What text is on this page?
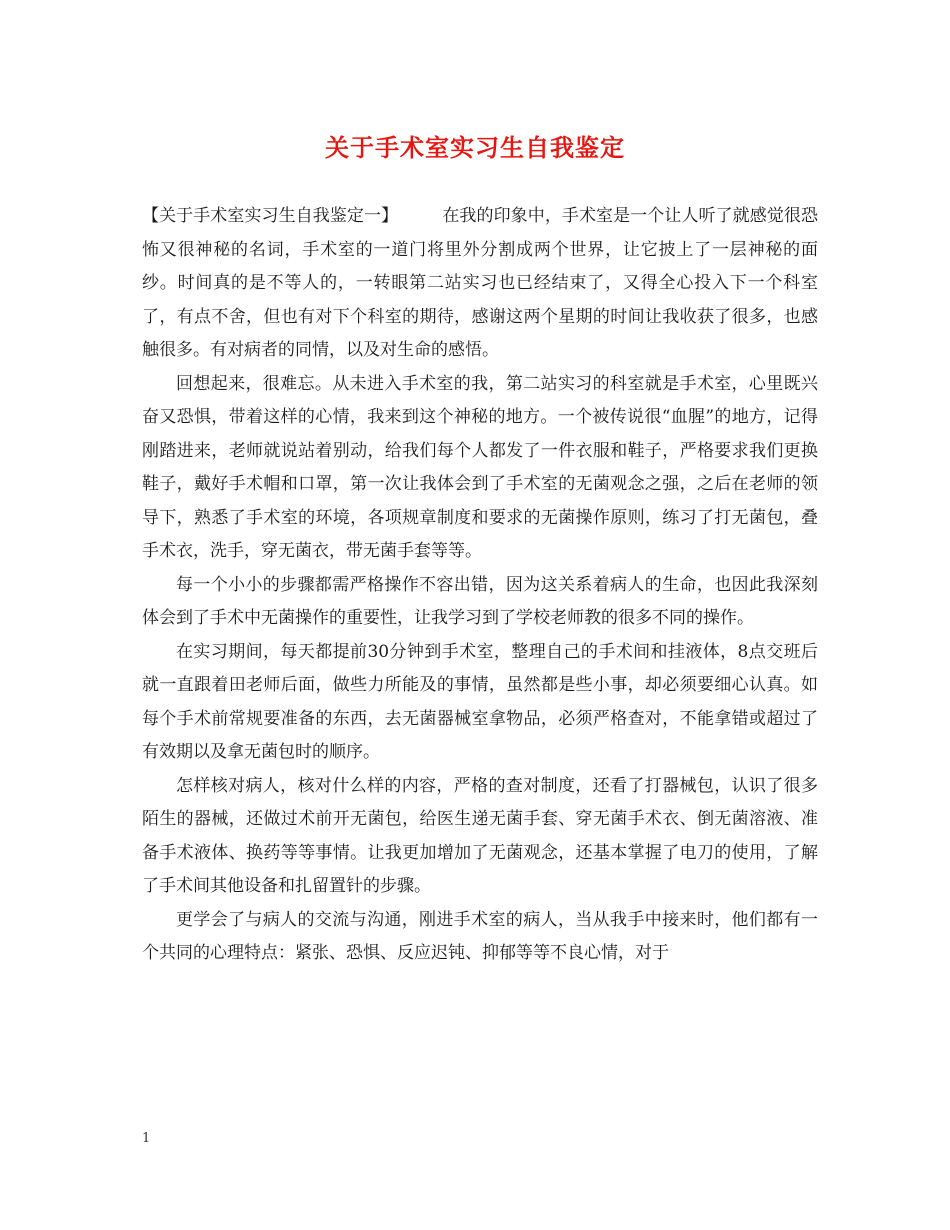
关于手术室实习生自我鉴定

【关于手术室实习生自我鉴定一】	在我的印象中，手术室是一个让人听了就感觉很恐怖又很神秘的名词，手术室的一道门将里外分割成两个世界，让它披上了一层神秘的面纱。时间真的是不等人的，一转眼第二站实习也已经结束了，又得全心投入下一个科室了，有点不舍，但也有对下个科室的期待，感谢这两个星期的时间让我收获了很多，也感触很多。有对病者的同情，以及对生命的感悟。

回想起来，很难忘。从未进入手术室的我，第二站实习的科室就是手术室，心里既兴奋又恐惧，带着这样的心情，我来到这个神秘的地方。一个被传说很“血腥”的地方，记得刚踏进来，老师就说站着别动，给我们每个人都发了一件衣服和鞋子，严格要求我们更换鞋子，戴好手术帽和口罩，第一次让我体会到了手术室的无菌观念之强，之后在老师的领导下，熟悉了手术室的环境，各项规章制度和要求的无菌操作原则，练习了打无菌包，叠手术衣，洗手，穿无菌衣，带无菌手套等等。

每一个小小的步骤都需严格操作不容出错，因为这关系着病人的生命，也因此我深刻体会到了手术中无菌操作的重要性，让我学习到了学校老师教的很多不同的操作。

在实习期间，每天都提前30分钟到手术室，整理自己的手术间和挂液体，8点交班后就一直跟着田老师后面，做些力所能及的事情，虽然都是些小事，却必须要细心认真。如每个手术前常规要准备的东西，去无菌器械室拿物品，必须严格查对，不能拿错或超过了有效期以及拿无菌包时的顺序。

怎样核对病人，核对什么样的内容，严格的查对制度，还看了打器械包，认识了很多陌生的器械，还做过术前开无菌包，给医生递无菌手套、穿无菌手术衣、倒无菌溶液、准备手术液体、换药等等事情。让我更加增加了无菌观念，还基本掌握了电刀的使用，了解了手术间其他设备和扎留置针的步骤。

更学会了与病人的交流与沟通，刚进手术室的病人，当从我手中接来时，他们都有一个共同的心理特点：紧张、恐惧、反应迟钝、抑郁等等不良心情，对于

1
